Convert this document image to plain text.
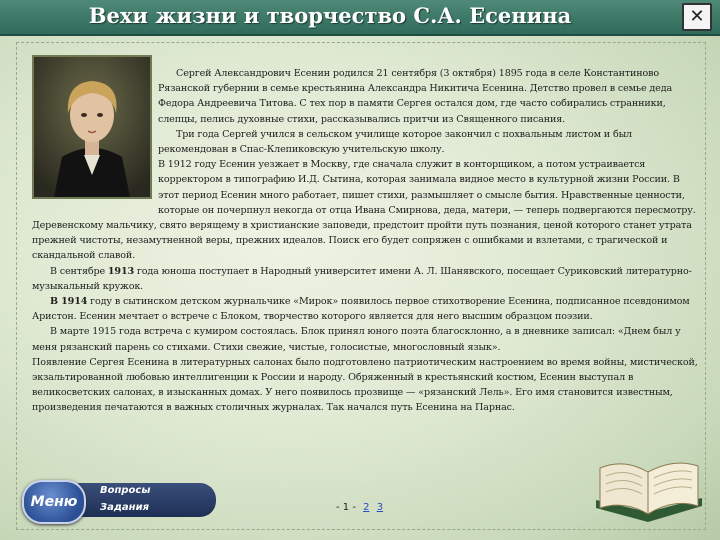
Вехи жизни и творчество С.А. Есенина	✕

Сергей Александрович Есенин родился 21 сентября (3 октября) 1895 года в селе Константиново Рязанской губернии в семье крестьянина Александра Никитича Есенина. Детство провел в семье деда Федора Андреевича Титова. С тех пор в памяти Сергея остался дом, где часто собирались странники, слепцы, пелись духовные стихи, рассказывались притчи из Священного писания.

Три года Сергей учился в сельском училище которое закончил с похвальным листом и был рекомендован в Спас-Клепиковскую учительскую школу.

В 1912 году Есенин уезжает в Москву, где сначала служит в конторщиком, а потом устраивается корректором в типографию И.Д. Сытина, которая занимала видное место в культурной жизни России. В этот период Есенин много работает, пишет стихи, размышляет о смысле бытия. Нравственные ценности, которые он почерпнул некогда от отца Ивана Смирнова, деда, матери, — теперь подвергаются пересмотру. Деревенскому мальчику, свято верящему в христианские заповеди, предстоит пройти путь познания, ценой которого станет утрата прежней чистоты, незамутненной веры, прежних идеалов. Поиск его будет сопряжен с ошибками и взлетами, с трагической и скандальной славой.

В сентябре 1913 года юноша поступает в Народный университет имени А. Л. Шанявского, посещает Суриковский литературно-музыкальный кружок.

В 1914 году в сытинском детском журнальчике «Мирок» появилось первое стихотворение Есенина, подписанное псевдонимом Аристон. Есенин мечтает о встрече с Блоком, творчество которого является для него высшим образцом поэзии.

В марте 1915 года встреча с кумиром состоялась. Блок принял юного поэта благосклонно, а в дневнике записал: «Днем был у меня рязанский парень со стихами. Стихи свежие, чистые, голосистые, многословный язык».

Появление Сергея Есенина в литературных салонах было подготовлено патриотическим настроением во время войны, мистической, экзальтированной любовью интеллигенции к России и народу. Обряженный в крестьянский костюм, Есенин выступал в великосветских салонах, в изысканных домах. У него появилось прозвище — «рязанский Лель». Его имя становится известным, произведения печатаются в важных столичных журналах. Так начался путь Есенина на Парнас.

Меню
Вопросы
Задания	- 1 - 2 3
